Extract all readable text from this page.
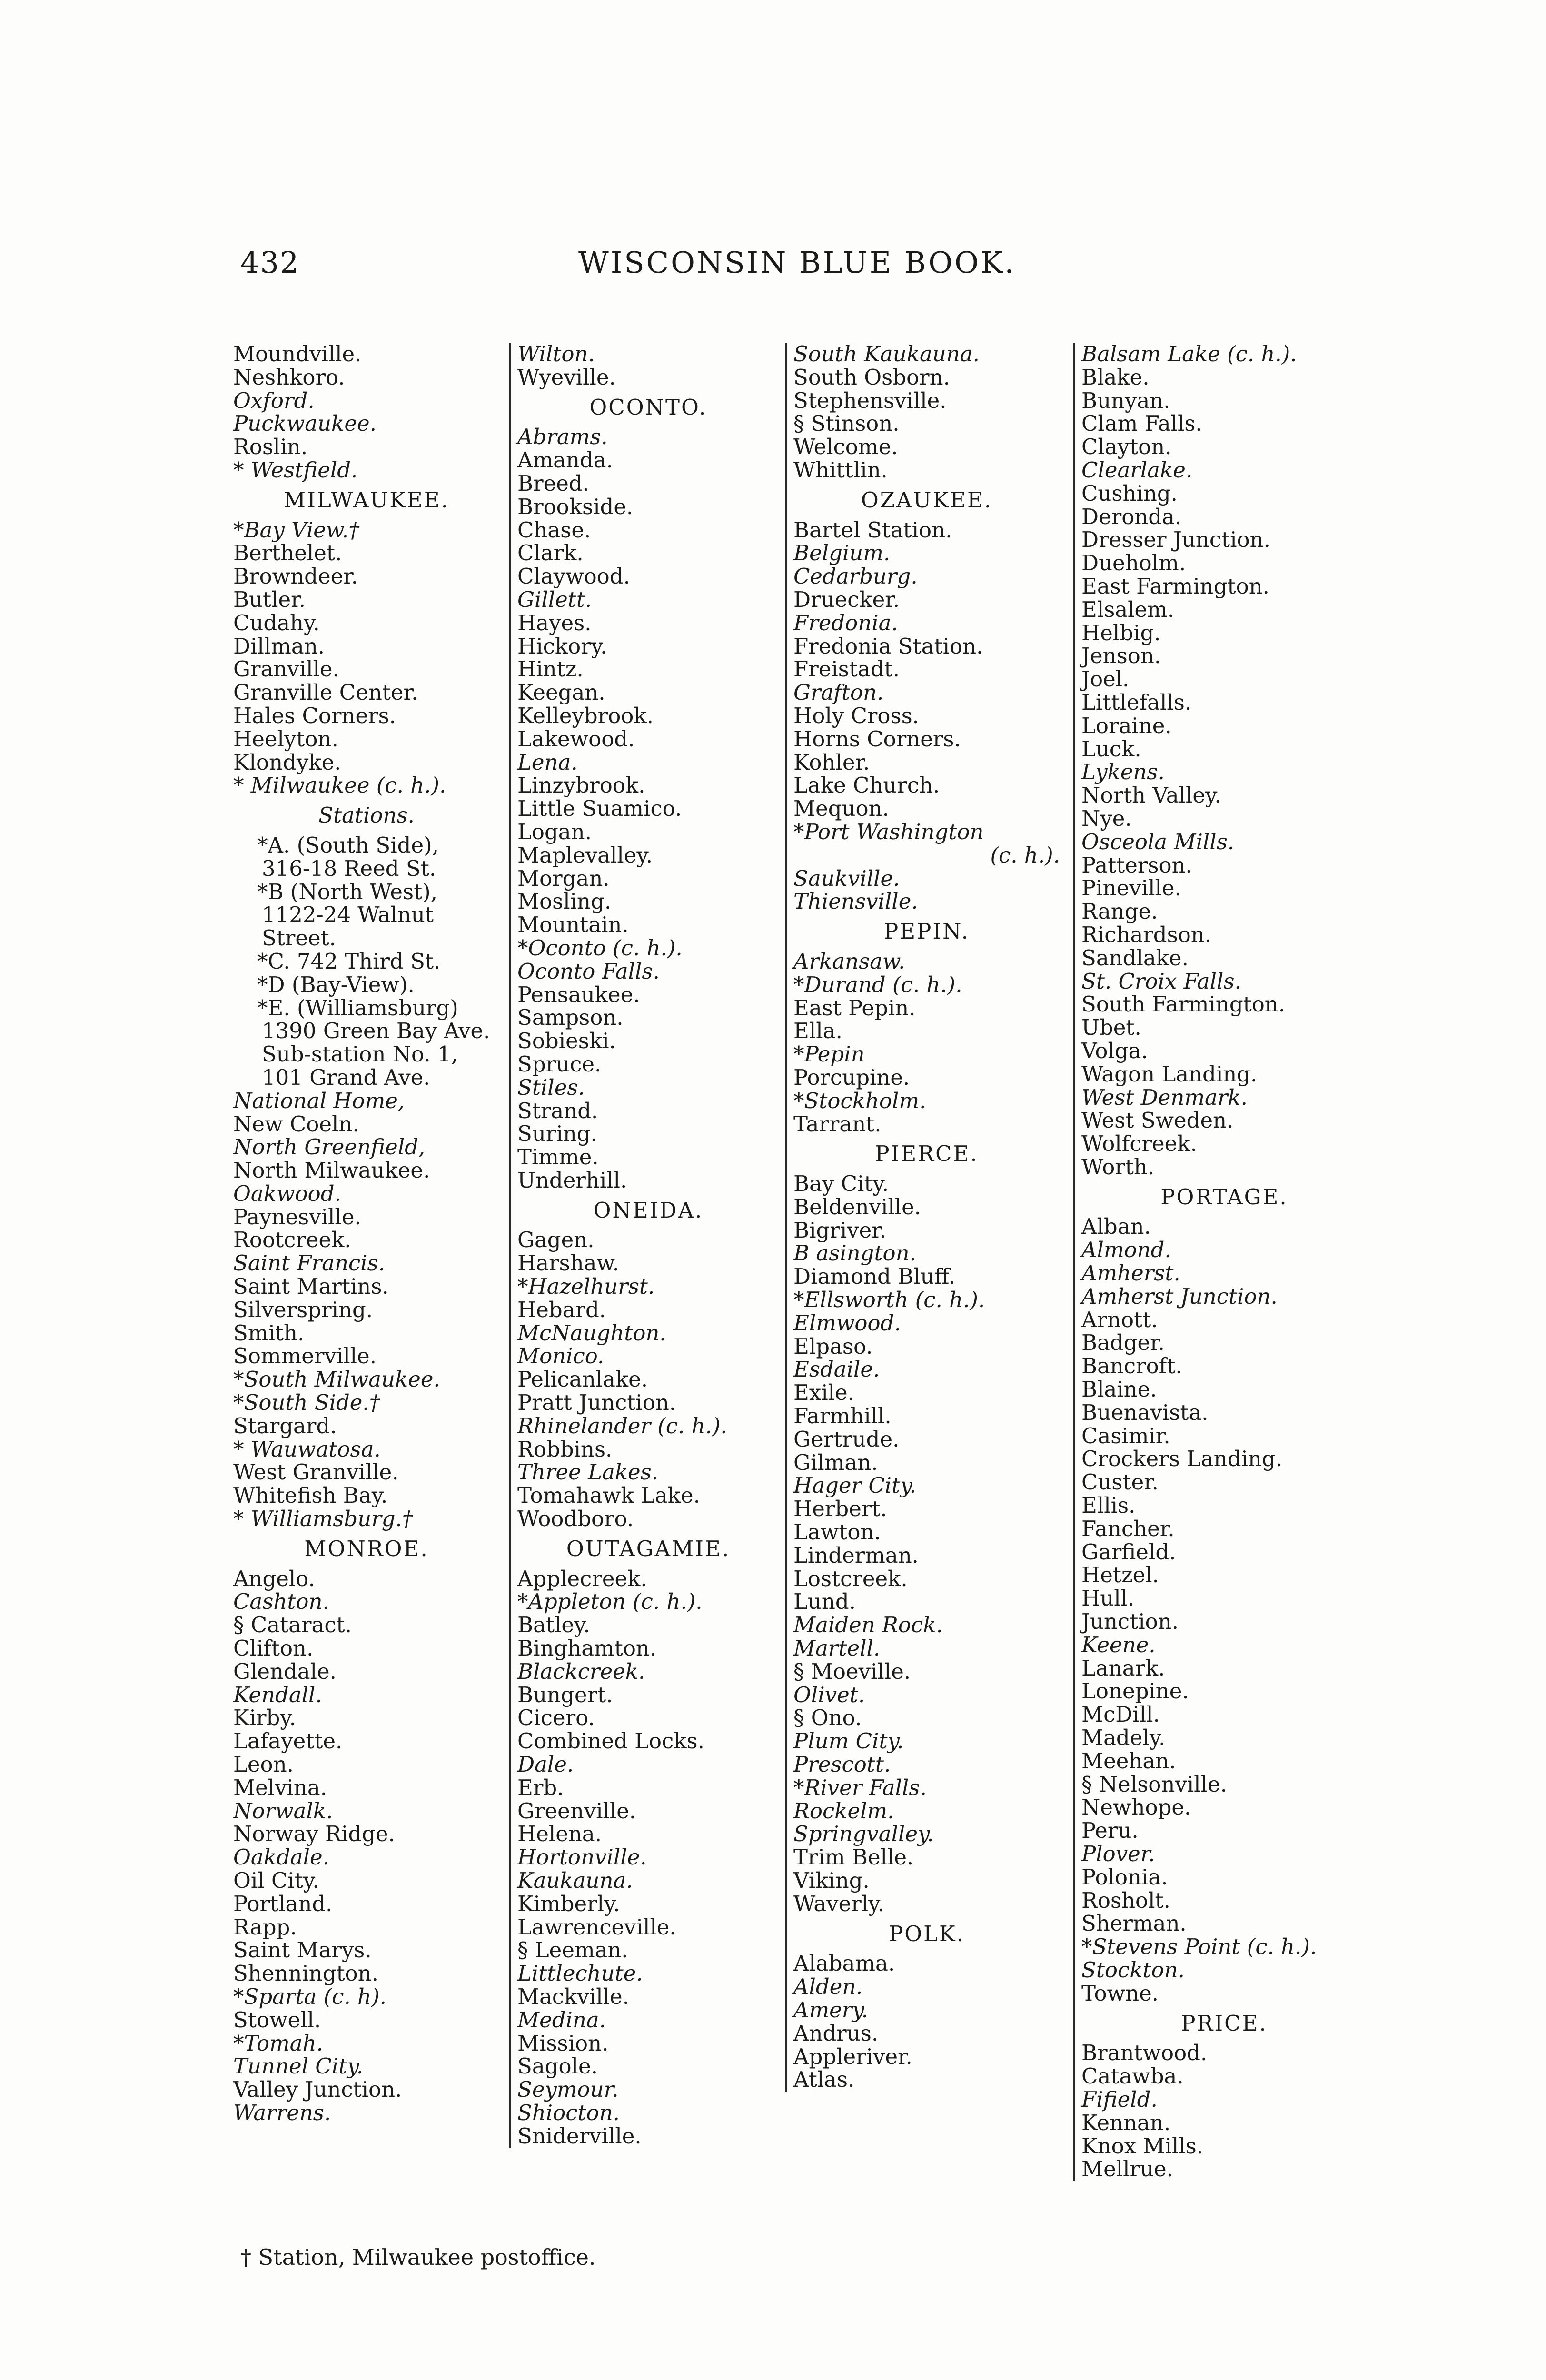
432	WISCONSIN BLUE BOOK.
Moundville.
Neshkoro.
Oxford.
Puckwaukee.
Roslin.
* Westfield.
MILWAUKEE.
*Bay View.†
Berthelet.
Browndeer.
Butler.
Cudahy.
Dillman.
Granville.
Granville Center.
Hales Corners.
Heelyton.
Klondyke.
* Milwaukee (c. h.).
Stations.
*A. (South Side),
316-18 Reed St.
*B (North West),
1122-24 Walnut
Street.
*C. 742 Third St.
*D (Bay-View).
*E. (Williamsburg)
1390 Green Bay Ave.
Sub-station No. 1,
101 Grand Ave.
National Home,
New Coeln.
North Greenfield,
North Milwaukee.
Oakwood.
Paynesville.
Rootcreek.
Saint Francis.
Saint Martins.
Silverspring.
Smith.
Sommerville.
*South Milwaukee.
*South Side.†
Stargard.
* Wauwatosa.
West Granville.
Whitefish Bay.
* Williamsburg.†
MONROE.
Angelo.
Cashton.
§ Cataract.
Clifton.
Glendale.
Kendall.
Kirby.
Lafayette.
Leon.
Melvina.
Norwalk.
Norway Ridge.
Oakdale.
Oil City.
Portland.
Rapp.
Saint Marys.
Shennington.
*Sparta (c. h).
Stowell.
*Tomah.
Tunnel City.
Valley Junction.
Warrens.
Wilton.
Wyeville.
OCONTO.
Abrams.
Amanda.
Breed.
Brookside.
Chase.
Clark.
Claywood.
Gillett.
Hayes.
Hickory.
Hintz.
Keegan.
Kelleybrook.
Lakewood.
Lena.
Linzybrook.
Little Suamico.
Logan.
Maplevalley.
Morgan.
Mosling.
Mountain.
*Oconto (c. h.).
Oconto Falls.
Pensaukee.
Sampson.
Sobieski.
Spruce.
Stiles.
Strand.
Suring.
Timme.
Underhill.
ONEIDA.
Gagen.
Harshaw.
*Hazelhurst.
Hebard.
McNaughton.
Monico.
Pelicanlake.
Pratt Junction.
Rhinelander (c. h.).
Robbins.
Three Lakes.
Tomahawk Lake.
Woodboro.
OUTAGAMIE.
Applecreek.
*Appleton (c. h.).
Batley.
Binghamton.
Blackcreek.
Bungert.
Cicero.
Combined Locks.
Dale.
Erb.
Greenville.
Helena.
Hortonville.
Kaukauna.
Kimberly.
Lawrenceville.
§ Leeman.
Littlechute.
Mackville.
Medina.
Mission.
Sagole.
Seymour.
Shiocton.
Sniderville.
South Kaukauna.
South Osborn.
Stephensville.
§ Stinson.
Welcome.
Whittlin.
OZAUKEE.
Bartel Station.
Belgium.
Cedarburg.
Druecker.
Fredonia.
Fredonia Station.
Freistadt.
Grafton.
Holy Cross.
Horns Corners.
Kohler.
Lake Church.
Mequon.
*Port Washington
(c. h.).
Saukville.
Thiensville.
PEPIN.
Arkansaw.
*Durand (c. h.).
East Pepin.
Ella.
*Pepin
Porcupine.
*Stockholm.
Tarrant.
PIERCE.
Bay City.
Beldenville.
Bigriver.
B asington.
Diamond Bluff.
*Ellsworth (c. h.).
Elmwood.
Elpaso.
Esdaile.
Exile.
Farmhill.
Gertrude.
Gilman.
Hager City.
Herbert.
Lawton.
Linderman.
Lostcreek.
Lund.
Maiden Rock.
Martell.
§ Moeville.
Olivet.
§ Ono.
Plum City.
Prescott.
*River Falls.
Rockelm.
Springvalley.
Trim Belle.
Viking.
Waverly.
POLK.
Alabama.
Alden.
Amery.
Andrus.
Appleriver.
Atlas.
Balsam Lake (c. h.).
Blake.
Bunyan.
Clam Falls.
Clayton.
Clearlake.
Cushing.
Deronda.
Dresser Junction.
Dueholm.
East Farmington.
Elsalem.
Helbig.
Jenson.
Joel.
Littlefalls.
Loraine.
Luck.
Lykens.
North Valley.
Nye.
Osceola Mills.
Patterson.
Pineville.
Range.
Richardson.
Sandlake.
St. Croix Falls.
South Farmington.
Ubet.
Volga.
Wagon Landing.
West Denmark.
West Sweden.
Wolfcreek.
Worth.
PORTAGE.
Alban.
Almond.
Amherst.
Amherst Junction.
Arnott.
Badger.
Bancroft.
Blaine.
Buenavista.
Casimir.
Crockers Landing.
Custer.
Ellis.
Fancher.
Garfield.
Hetzel.
Hull.
Junction.
Keene.
Lanark.
Lonepine.
McDill.
Madely.
Meehan.
§ Nelsonville.
Newhope.
Peru.
Plover.
Polonia.
Rosholt.
Sherman.
*Stevens Point (c. h.).
Stockton.
Towne.
PRICE.
Brantwood.
Catawba.
Fifield.
Kennan.
Knox Mills.
Mellrue.
† Station, Milwaukee postoffice.
